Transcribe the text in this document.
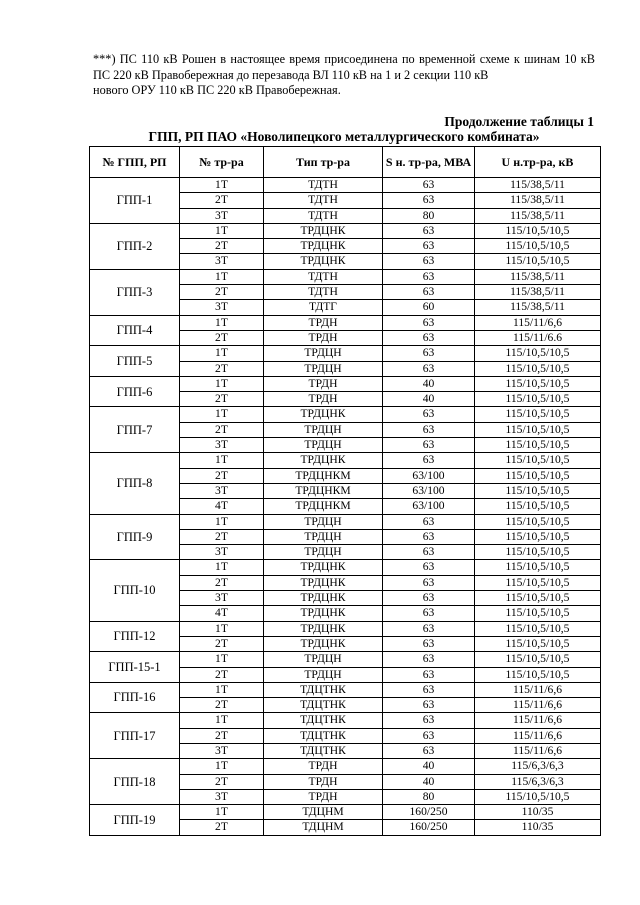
***) ПС 110 кВ Рошен в настоящее время присоединена по временной схеме к шинам 10 кВ ПС 220 кВ Правобережная до перезавода ВЛ 110 кВ на 1 и 2 секции 110 кВ

нового ОРУ 110 кВ ПС 220 кВ Правобережная.

Продолжение таблицы 1
ГПП, РП ПАО «Новолипецкого металлургического комбината»
№ ГПП, РП	№ тр-ра	Тип тр-ра	S н. тр-ра, МВА	U н.тр-ра, кВ
ГПП-1	1Т	ТДТН	63	115/38,5/11
	2Т	ТДТН	63	115/38,5/11
	3Т	ТДТН	80	115/38,5/11
ГПП-2	1Т	ТРДЦНК	63	115/10,5/10,5
	2Т	ТРДЦНК	63	115/10,5/10,5
	3Т	ТРДЦНК	63	115/10,5/10,5
ГПП-3	1Т	ТДТН	63	115/38,5/11
	2Т	ТДТН	63	115/38,5/11
	3Т	ТДТГ	60	115/38,5/11
ГПП-4	1Т	ТРДН	63	115/11/6,6
	2Т	ТРДН	63	115/11/6.6
ГПП-5	1Т	ТРДЦН	63	115/10,5/10,5
	2Т	ТРДЦН	63	115/10,5/10,5
ГПП-6	1Т	ТРДН	40	115/10,5/10,5
	2Т	ТРДН	40	115/10,5/10,5
ГПП-7	1Т	ТРДЦНК	63	115/10,5/10,5
	2Т	ТРДЦН	63	115/10,5/10,5
	3Т	ТРДЦН	63	115/10,5/10,5
ГПП-8	1Т	ТРДЦНК	63	115/10,5/10,5
	2Т	ТРДЦНКМ	63/100	115/10,5/10,5
	3Т	ТРДЦНКМ	63/100	115/10,5/10,5
	4Т	ТРДЦНКМ	63/100	115/10,5/10,5
ГПП-9	1Т	ТРДЦН	63	115/10,5/10,5
	2Т	ТРДЦН	63	115/10,5/10,5
	3Т	ТРДЦН	63	115/10,5/10,5
ГПП-10	1Т	ТРДЦНК	63	115/10,5/10,5
	2Т	ТРДЦНК	63	115/10,5/10,5
	3Т	ТРДЦНК	63	115/10,5/10,5
	4Т	ТРДЦНК	63	115/10,5/10,5
ГПП-12	1Т	ТРДЦНК	63	115/10,5/10,5
	2Т	ТРДЦНК	63	115/10,5/10,5
ГПП-15-1	1Т	ТРДЦН	63	115/10,5/10,5
	2Т	ТРДЦН	63	115/10,5/10,5
ГПП-16	1Т	ТДЦТНК	63	115/11/6,6
	2Т	ТДЦТНК	63	115/11/6,6
ГПП-17	1Т	ТДЦТНК	63	115/11/6,6
	2Т	ТДЦТНК	63	115/11/6,6
	3Т	ТДЦТНК	63	115/11/6,6
ГПП-18	1Т	ТРДН	40	115/6,3/6,3
	2Т	ТРДН	40	115/6,3/6,3
	3Т	ТРДН	80	115/10,5/10,5
ГПП-19	1Т	ТДЦНМ	160/250	110/35
	2Т	ТДЦНМ	160/250	110/35
